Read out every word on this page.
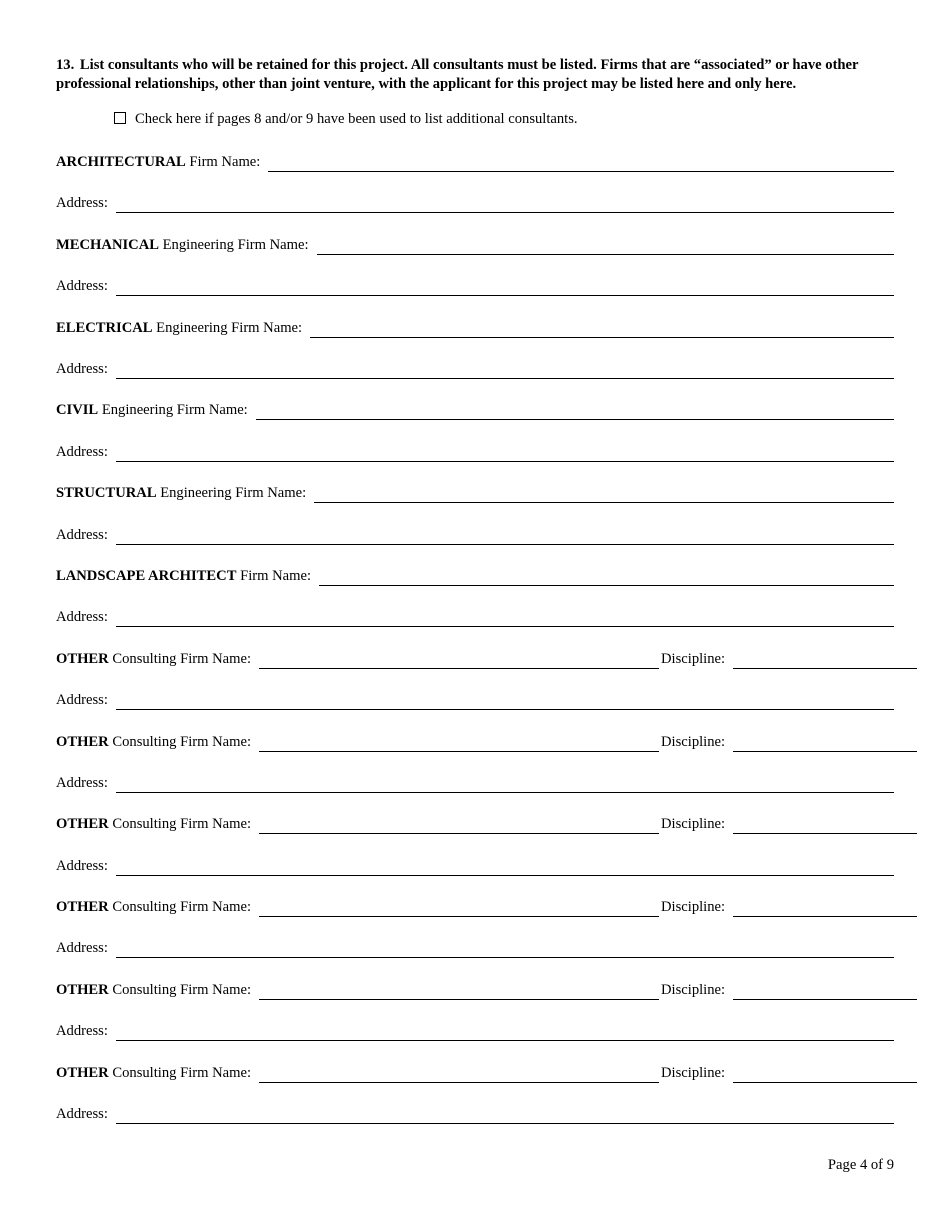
13. List consultants who will be retained for this project. All consultants must be listed. Firms that are “associated” or have other professional relationships, other than joint venture, with the applicant for this project may be listed here and only here.
Check here if pages 8 and/or 9 have been used to list additional consultants.
ARCHITECTURAL Firm Name:
Address:
MECHANICAL Engineering Firm Name:
Address:
ELECTRICAL Engineering Firm Name:
Address:
CIVIL Engineering Firm Name:
Address:
STRUCTURAL Engineering Firm Name:
Address:
LANDSCAPE ARCHITECT Firm Name:
Address:
OTHER Consulting Firm Name:	Discipline:
Address:
OTHER Consulting Firm Name:	Discipline:
Address:
OTHER Consulting Firm Name:	Discipline:
Address:
OTHER Consulting Firm Name:	Discipline:
Address:
OTHER Consulting Firm Name:	Discipline:
Address:
OTHER Consulting Firm Name:	Discipline:
Address:
Page 4 of 9
